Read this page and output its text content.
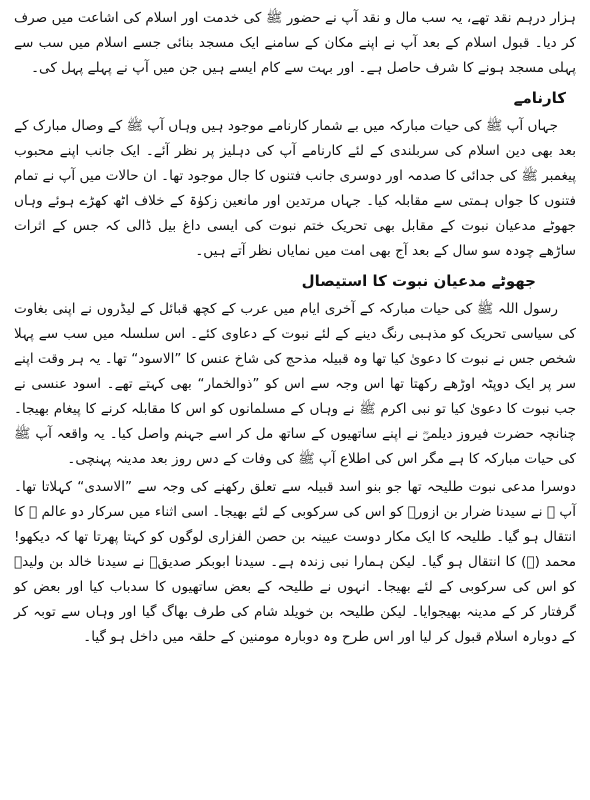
ہزار درہم نقد تھے، یہ سب مال و نقد آپ نے حضور ﷺ کی خدمت اور اسلام کی اشاعت میں صرف کر دیا۔ قبول اسلام کے بعد آپ نے اپنے مکان کے سامنے ایک مسجد بنائی جسے اسلام میں سب سے پہلی مسجد ہونے کا شرف حاصل ہے۔ اور بہت سے کام ایسے ہیں جن میں آپ نے پہلے پہل کی۔

کارنامے

جہاں آپ ﷺ کی حیات مبارکہ میں بے شمار کارنامے موجود ہیں وہاں آپ ﷺ کے وصال مبارک کے بعد بھی دین اسلام کی سربلندی کے لئے کارنامے آپ کی دہلیز پر نظر آئے۔ ایک جانب اپنے محبوب پیغمبر ﷺ کی جدائی کا صدمہ اور دوسری جانب فتنوں کا جال موجود تھا۔ ان حالات میں آپ نے تمام فتنوں کا جواں ہمتی سے مقابلہ کیا۔ جہاں مرتدین اور مانعین زکوٰۃ کے خلاف اٹھ کھڑے ہوئے وہاں جھوٹے مدعیان نبوت کے مقابل بھی تحریک ختم نبوت کی ایسی داغ بیل ڈالی کہ جس کے اثرات ساڑھے چودہ سو سال کے بعد آج بھی امت میں نمایاں نظر آتے ہیں۔

جھوٹے مدعیان نبوت کا استیصال

رسول اللہ ﷺ کی حیات مبارکہ کے آخری ایام میں عرب کے کچھ قبائل کے لیڈروں نے اپنی بغاوت کی سیاسی تحریک کو مذہبی رنگ دینے کے لئے نبوت کے دعاوی کئے۔ اس سلسلہ میں سب سے پہلا شخص جس نے نبوت کا دعویٰ کیا تھا وہ قبیلہ مذحج کی شاخ عنس کا ”الاسود“ تھا۔ یہ ہر وقت اپنے سر پر ایک دوپٹہ اوڑھے رکھتا تھا اس وجہ سے اس کو ”ذوالخمار“ بھی کہتے تھے۔ اسود عنسی نے جب نبوت کا دعویٰ کیا تو نبی اکرم ﷺ نے وہاں کے مسلمانوں کو اس کا مقابلہ کرنے کا پیغام بھیجا۔ چنانچہ حضرت فیروز دیلمیؓ نے اپنے ساتھیوں کے ساتھ مل کر اسے جہنم واصل کیا۔ یہ واقعہ آپ ﷺ کی حیات مبارکہ کا ہے مگر اس کی اطلاع آپ ﷺ کی وفات کے دس روز بعد مدینہ پہنچی۔

دوسرا مدعی نبوت طلیحہ تھا جو بنو اسد قبیلہ سے تعلق رکھنے کی وجہ سے ”الاسدی“ کہلاتا تھا۔ آپ ﷺ نے سیدنا ضرار بن ازورؓ کو اس کی سرکوبی کے لئے بھیجا۔ اسی اثناء میں سرکار دو عالم ﷺ کا انتقال ہو گیا۔ طلیحہ کا ایک مکار دوست عیینہ بن حصن الفزاری لوگوں کو کہتا پھرتا تھا کہ دیکھو! محمد (ﷺ) کا انتقال ہو گیا۔ لیکن ہمارا نبی زندہ ہے۔ سیدنا ابوبکر صدیقؓ نے سیدنا خالد بن ولیدؓ کو اس کی سرکوبی کے لئے بھیجا۔ انہوں نے طلیحہ کے بعض ساتھیوں کا سدباب کیا اور بعض کو گرفتار کر کے مدینہ بھیجوایا۔ لیکن طلیحہ بن خویلد شام کی طرف بھاگ گیا اور وہاں سے توبہ کر کے دوبارہ اسلام قبول کر لیا اور اس طرح وہ دوبارہ مومنین کے حلقہ میں داخل ہو گیا۔
